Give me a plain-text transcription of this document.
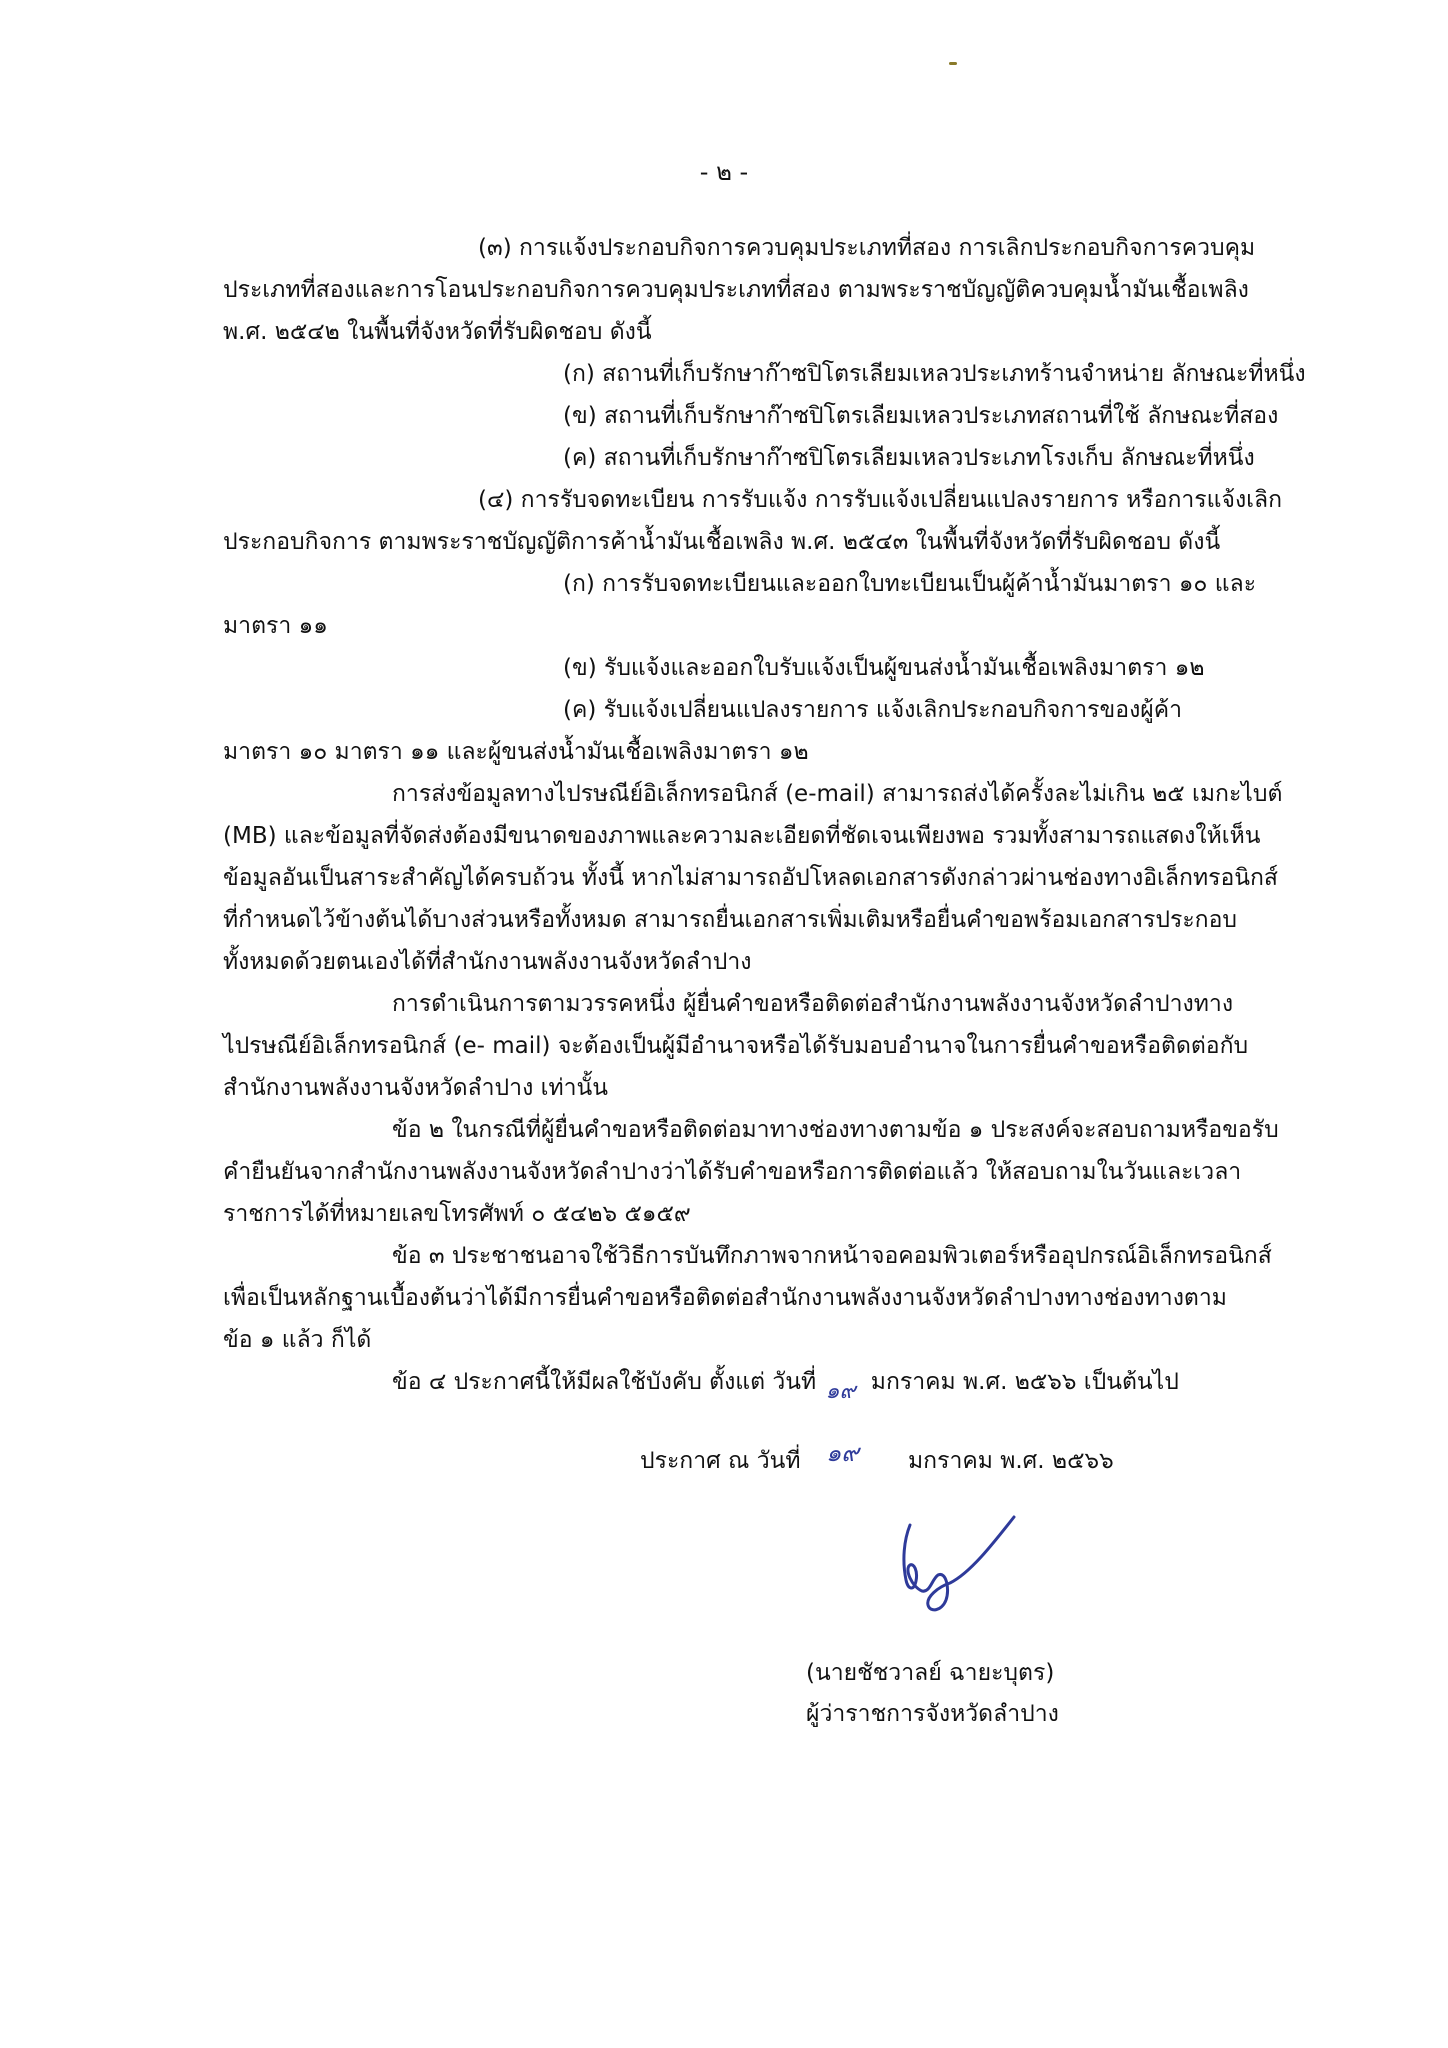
- ๒ -
(๓) การแจ้งประกอบกิจการควบคุมประเภทที่สอง การเลิกประกอบกิจการควบคุม
ประเภทที่สองและการโอนประกอบกิจการควบคุมประเภทที่สอง ตามพระราชบัญญัติควบคุมน้ำมันเชื้อเพลิง
พ.ศ. ๒๕๔๒ ในพื้นที่จังหวัดที่รับผิดชอบ ดังนี้
(ก) สถานที่เก็บรักษาก๊าซปิโตรเลียมเหลวประเภทร้านจำหน่าย ลักษณะที่หนึ่ง
(ข) สถานที่เก็บรักษาก๊าซปิโตรเลียมเหลวประเภทสถานที่ใช้ ลักษณะที่สอง
(ค) สถานที่เก็บรักษาก๊าซปิโตรเลียมเหลวประเภทโรงเก็บ ลักษณะที่หนึ่ง
(๔) การรับจดทะเบียน การรับแจ้ง การรับแจ้งเปลี่ยนแปลงรายการ หรือการแจ้งเลิก
ประกอบกิจการ ตามพระราชบัญญัติการค้าน้ำมันเชื้อเพลิง พ.ศ. ๒๕๔๓ ในพื้นที่จังหวัดที่รับผิดชอบ ดังนี้
(ก) การรับจดทะเบียนและออกใบทะเบียนเป็นผู้ค้าน้ำมันมาตรา ๑๐ และ
มาตรา ๑๑
(ข) รับแจ้งและออกใบรับแจ้งเป็นผู้ขนส่งน้ำมันเชื้อเพลิงมาตรา ๑๒
(ค) รับแจ้งเปลี่ยนแปลงรายการ แจ้งเลิกประกอบกิจการของผู้ค้า
มาตรา ๑๐ มาตรา ๑๑ และผู้ขนส่งน้ำมันเชื้อเพลิงมาตรา ๑๒
การส่งข้อมูลทางไปรษณีย์อิเล็กทรอนิกส์ (e-mail) สามารถส่งได้ครั้งละไม่เกิน ๒๕ เมกะไบต์
(MB) และข้อมูลที่จัดส่งต้องมีขนาดของภาพและความละเอียดที่ชัดเจนเพียงพอ รวมทั้งสามารถแสดงให้เห็น
ข้อมูลอันเป็นสาระสำคัญได้ครบถ้วน ทั้งนี้ หากไม่สามารถอัปโหลดเอกสารดังกล่าวผ่านช่องทางอิเล็กทรอนิกส์
ที่กำหนดไว้ข้างต้นได้บางส่วนหรือทั้งหมด สามารถยื่นเอกสารเพิ่มเติมหรือยื่นคำขอพร้อมเอกสารประกอบ
ทั้งหมดด้วยตนเองได้ที่สำนักงานพลังงานจังหวัดลำปาง
การดำเนินการตามวรรคหนึ่ง ผู้ยื่นคำขอหรือติดต่อสำนักงานพลังงานจังหวัดลำปางทาง
ไปรษณีย์อิเล็กทรอนิกส์ (e- mail) จะต้องเป็นผู้มีอำนาจหรือได้รับมอบอำนาจในการยื่นคำขอหรือติดต่อกับ
สำนักงานพลังงานจังหวัดลำปาง เท่านั้น
ข้อ ๒ ในกรณีที่ผู้ยื่นคำขอหรือติดต่อมาทางช่องทางตามข้อ ๑ ประสงค์จะสอบถามหรือขอรับ
คำยืนยันจากสำนักงานพลังงานจังหวัดลำปางว่าได้รับคำขอหรือการติดต่อแล้ว ให้สอบถามในวันและเวลา
ราชการได้ที่หมายเลขโทรศัพท์ ๐ ๕๔๒๖ ๕๑๕๙
ข้อ ๓ ประชาชนอาจใช้วิธีการบันทึกภาพจากหน้าจอคอมพิวเตอร์หรืออุปกรณ์อิเล็กทรอนิกส์
เพื่อเป็นหลักฐานเบื้องต้นว่าได้มีการยื่นคำขอหรือติดต่อสำนักงานพลังงานจังหวัดลำปางทางช่องทางตาม
ข้อ ๑ แล้ว ก็ได้
ข้อ ๔ ประกาศนี้ให้มีผลใช้บังคับ ตั้งแต่ วันที่ ๑๙ มกราคม พ.ศ. ๒๕๖๖ เป็นต้นไป
ประกาศ ณ วันที่ ๑๙ มกราคม พ.ศ. ๒๕๖๖
(นายชัชวาลย์ ฉายะบุตร)
ผู้ว่าราชการจังหวัดลำปาง
